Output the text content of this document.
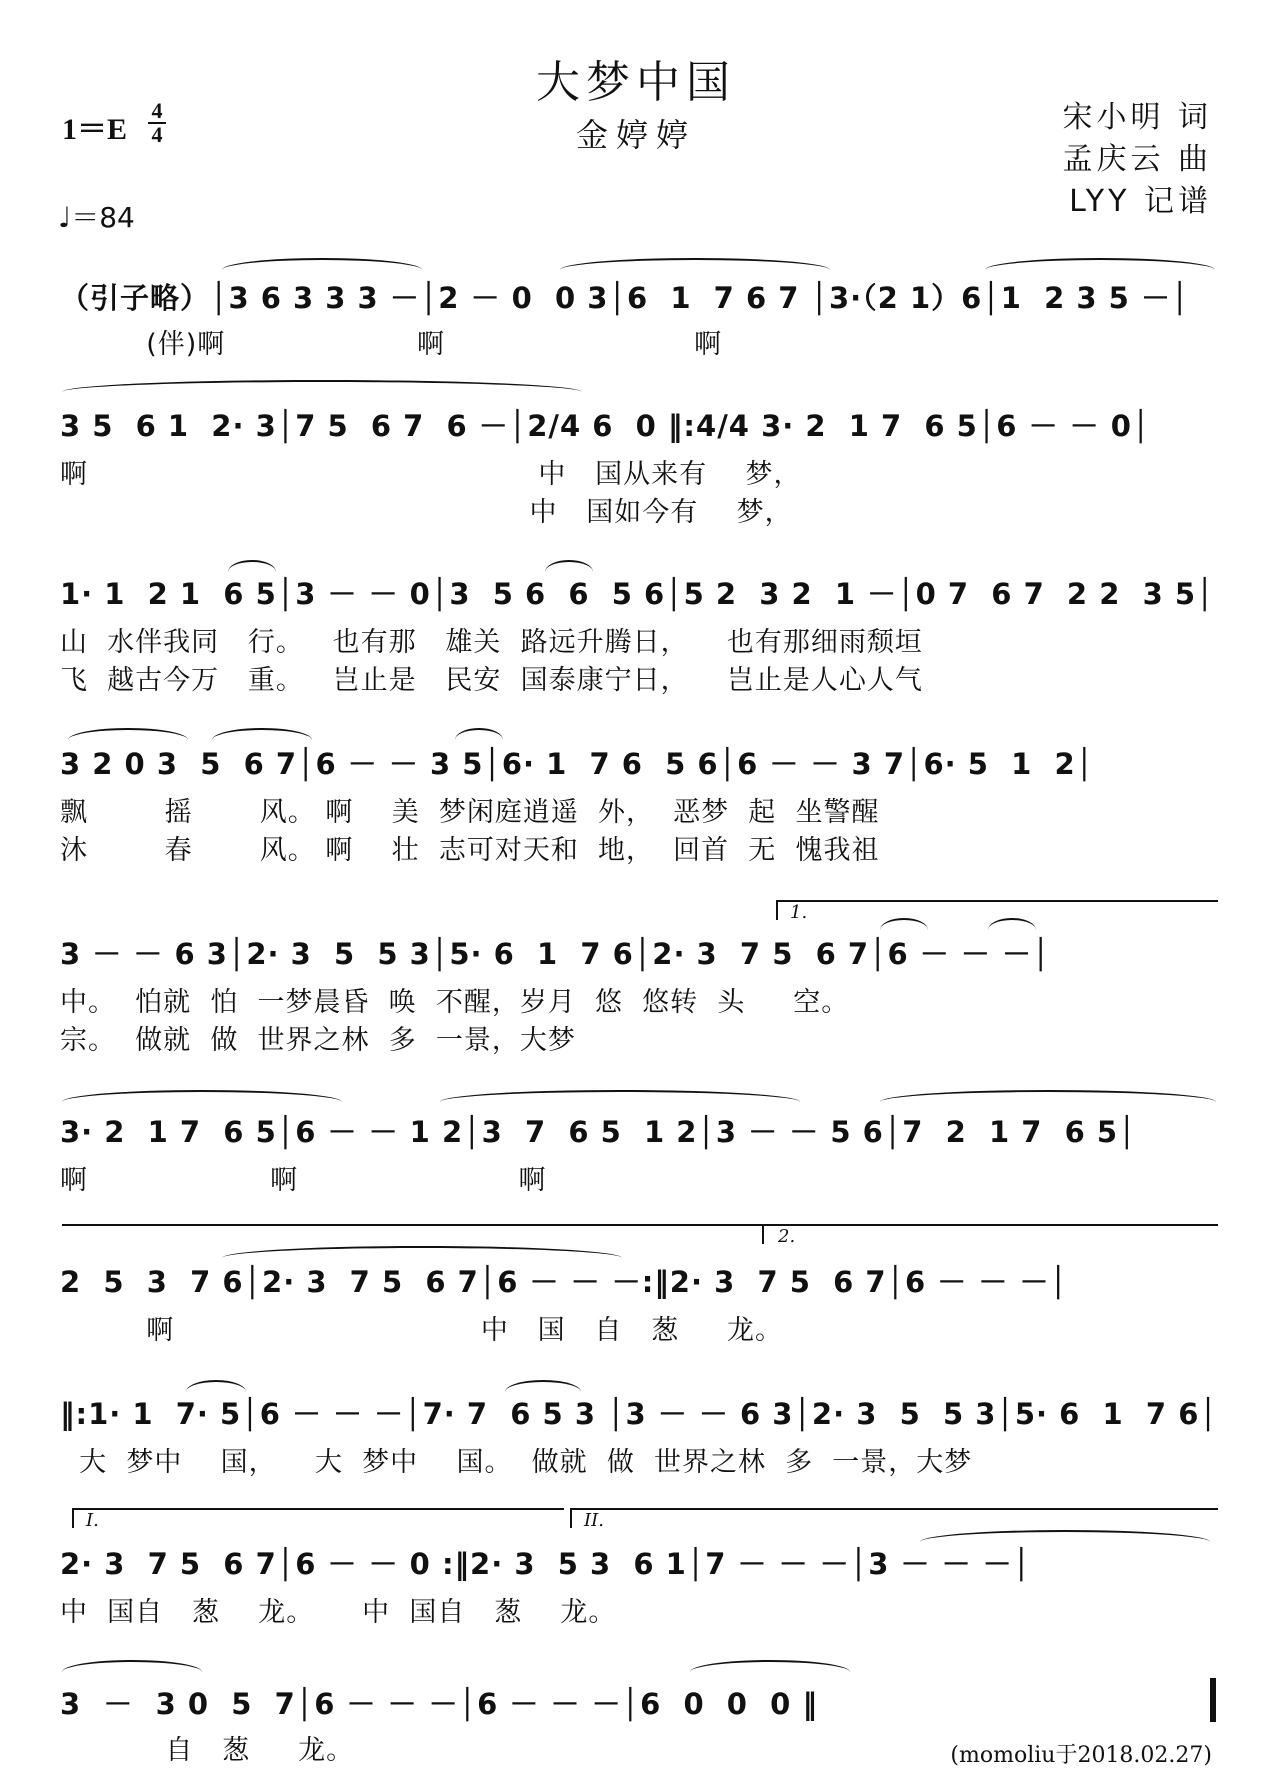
大梦中国
金婷婷
1＝E
4
4
♩＝84
宋小明 词
孟庆云 曲
LYY 记谱
（引子略）│3 6 3 3 3 －│2 － 0  0 3│6  1  7 6 7 │3·（2 1）6│1  2 3 5 －│
(伴)啊                    啊                          啊
3 5  6 1  2· 3│7 5  6 7  6 －│2/4 6  0 ‖:4/4 3· 2  1 7  6 5│6 － － 0│
啊                                               中   国从来有    梦，
中   国如今有    梦，
1· 1  2 1  6 5│3 － － 0│3  5 6  6  5 6│5 2  3 2  1 －│0 7  6 7  2 2  3 5│
山  水伴我同   行。   也有那   雄关  路远升腾日，    也有那细雨颓垣
飞  越古今万   重。   岂止是   民安  国泰康宁日，    岂止是人心人气
3 2 0 3  5  6 7│6 － － 3 5│6· 1  7 6  5 6│6 － － 3 7│6· 5  1  2│
飘        摇       风。 啊    美  梦闲庭逍遥  外，  恶梦  起  坐警醒
沐        春       风。 啊    壮  志可对天和  地，  回首  无  愧我祖
1.
3 － － 6 3│2· 3  5  5 3│5· 6  1  7 6│2· 3  7 5  6 7│6 － － －│
中。  怕就  怕  一梦晨昏  唤  不醒，岁月  悠  悠转  头     空。
宗。  做就  做  世界之林  多  一景，大梦
3· 2  1 7  6 5│6 － － 1 2│3  7  6 5  1 2│3 － － 5 6│7  2  1 7  6 5│
啊                   啊                       啊
2.
2  5  3  7 6│2· 3  7 5  6 7│6 － － －:‖2· 3  7 5  6 7│6 － － －│
啊                                中   国   自   葱     龙。
‖:1· 1  7· 5│6 － － －│7· 7  6 5 3 │3 － － 6 3│2· 3  5  5 3│5· 6  1  7 6│
大  梦中    国，    大  梦中    国。  做就  做  世界之林  多  一景，大梦
I.	II.
2· 3  7 5  6 7│6 － － 0 :‖2· 3  5 3  6 1│7 － － －│3 － － －│
中  国自   葱    龙。     中  国自   葱    龙。
3  －  3 0  5  7│6 － － －│6 － － －│6  0  0  0 ‖
自   葱     龙。	(momoliu于2018.02.27)
